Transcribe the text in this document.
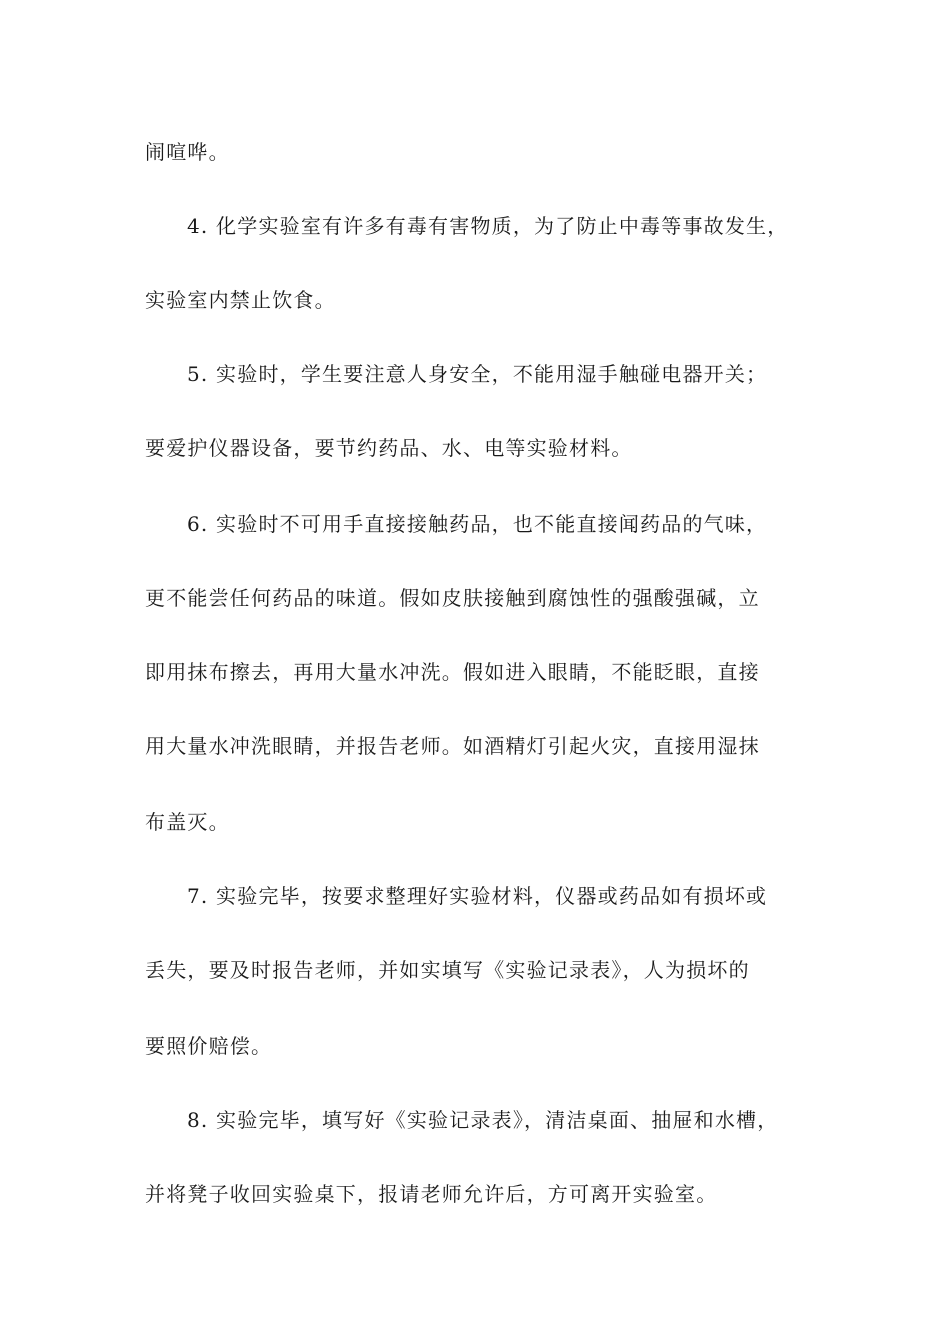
闹喧哗。
4. 化学实验室有许多有毒有害物质，为了防止中毒等事故发生，
实验室内禁止饮食。
5. 实验时，学生要注意人身安全，不能用湿手触碰电器开关；
要爱护仪器设备，要节约药品、水、电等实验材料。
6. 实验时不可用手直接接触药品，也不能直接闻药品的气味，
更不能尝任何药品的味道。假如皮肤接触到腐蚀性的强酸强碱，立
即用抹布擦去，再用大量水冲洗。假如进入眼睛，不能眨眼，直接
用大量水冲洗眼睛，并报告老师。如酒精灯引起火灾，直接用湿抹
布盖灭。
7. 实验完毕，按要求整理好实验材料，仪器或药品如有损坏或
丢失，要及时报告老师，并如实填写《实验记录表》，人为损坏的
要照价赔偿。
8. 实验完毕，填写好《实验记录表》，清洁桌面、抽屉和水槽，
并将凳子收回实验桌下，报请老师允许后，方可离开实验室。
